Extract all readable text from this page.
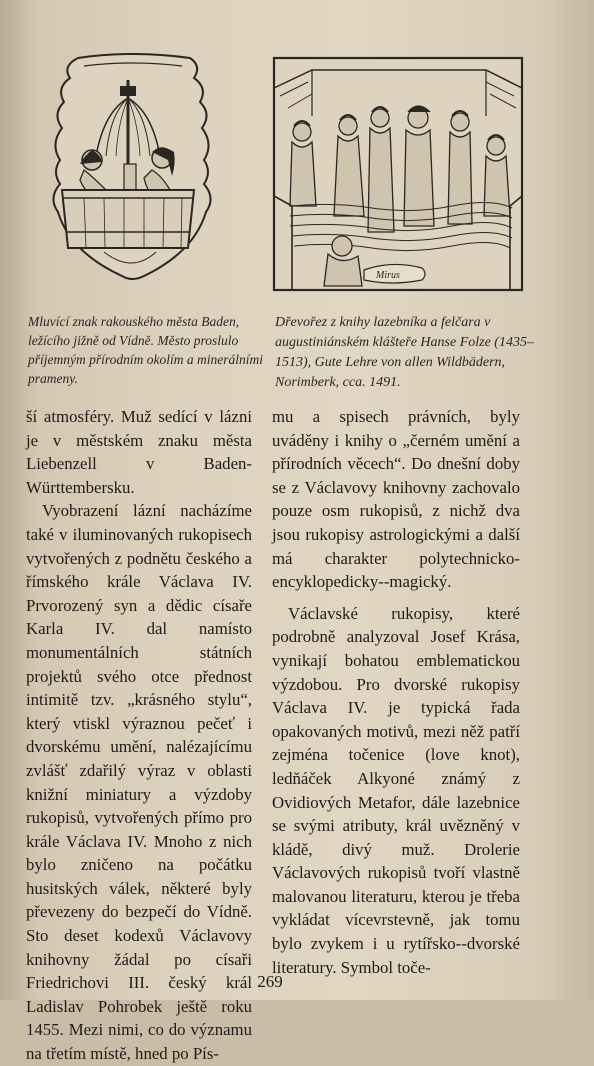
Mirus

Mluvící znak rakouského města Baden, ležícího jižně od Vídně. Město proslulo příjemným přírodním okolím a minerálními prameny.

Dřevořez z knihy lazebníka a felčara v augustiniánském klášteře Hanse Folze (1435–1513), Gute Lehre von allen Wildbädern, Norimberk, cca. 1491.

ší atmosféry. Muž sedící v lázni je v městském znaku města Liebenzell v Baden-Württembersku.

Vyobrazení lázní nacházíme také v iluminovaných rukopisech vytvořených z podnětu českého a římského krále Václava IV. Prvorozený syn a dědic císaře Karla IV. dal namísto monumentálních státních projektů svého otce přednost intimitě tzv. „krásného stylu“, který vtiskl výraznou pečeť i dvorskému umění, nalézajícímu zvlášť zdařilý výraz v oblasti knižní miniatury a výzdoby rukopisů, vytvořených přímo pro krále Václava IV. Mnoho z nich bylo zničeno na počátku husitských válek, některé byly převezeny do bezpečí do Vídně. Sto deset kodexů Václavovy knihovny žádal po císaři Friedrichovi III. český král Ladislav Pohrobek ještě roku 1455. Mezi nimi, co do významu na třetím místě, hned po Pís-

mu a spisech právních, byly uváděny i knihy o „černém umění a přírodních věcech“. Do dnešní doby se z Václavovy knihovny zachovalo pouze osm rukopisů, z nichž dva jsou rukopisy astrologickými a další má charakter polytechnicko-encyklopedicky--magický.

Václavské rukopisy, které podrobně analyzoval Josef Krása, vynikají bohatou emblematickou výzdobou. Pro dvorské rukopisy Václava IV. je typická řada opakovaných motivů, mezi něž patří zejména točenice (love knot), ledňáček Alkyoné známý z Ovidiových Metafor, dále lazebnice se svými atributy, král uvězněný v kládě, divý muž. Drolerie Václavových rukopisů tvoří vlastně malovanou literaturu, kterou je třeba vykládat vícevrstevně, jak tomu bylo zvykem i u rytířsko--dvorské literatury. Symbol toče-

269
